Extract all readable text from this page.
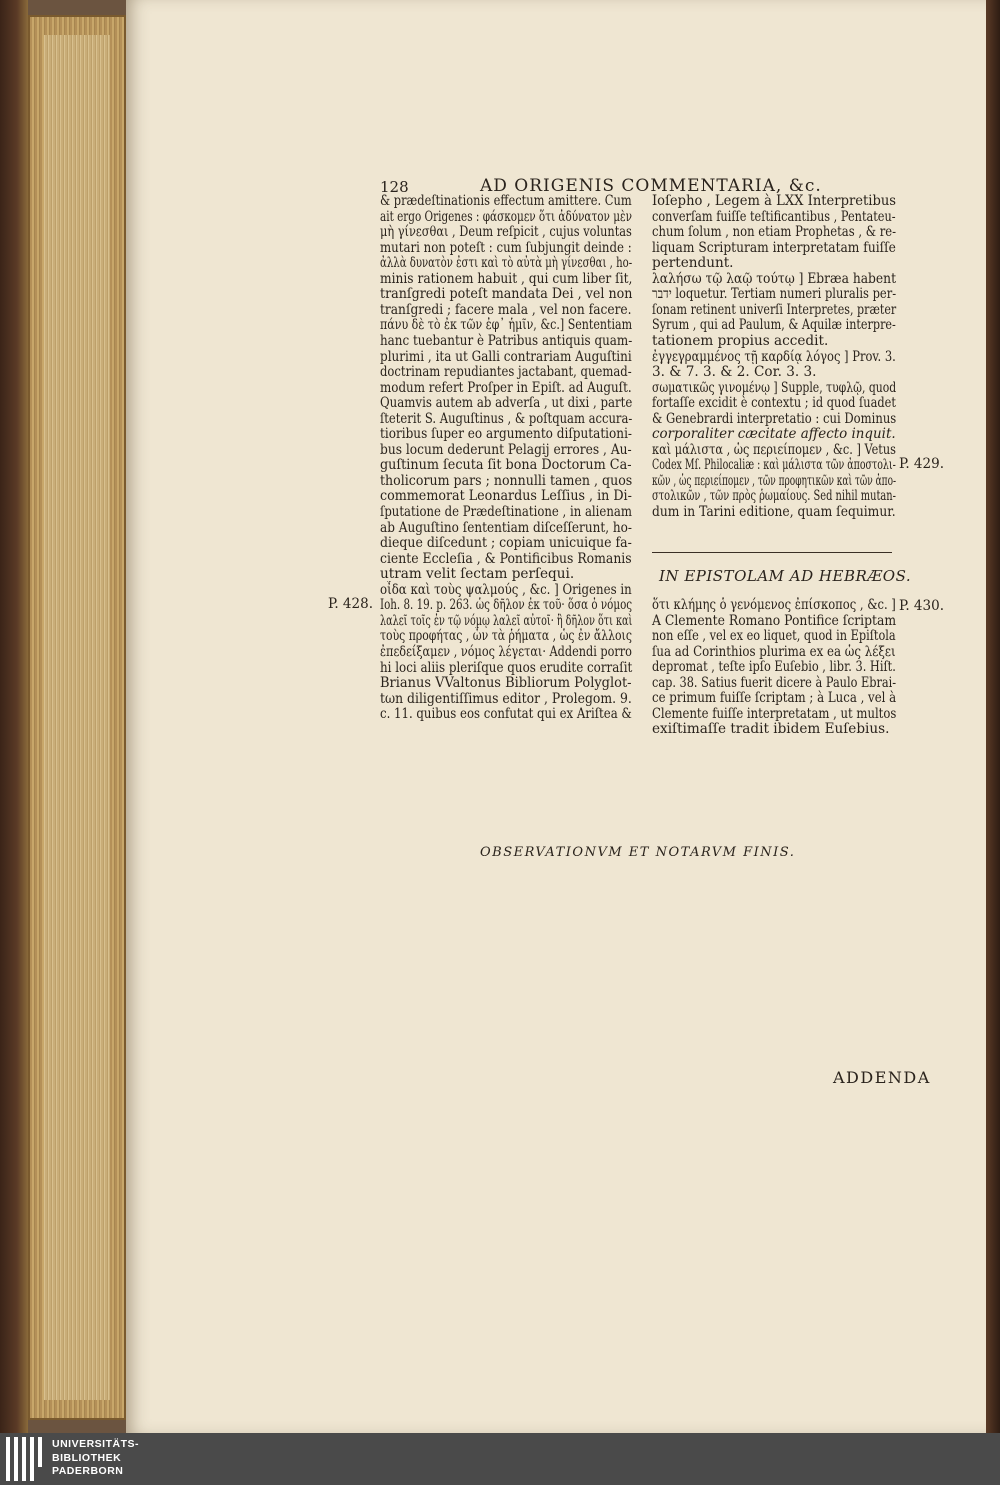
128	AD ORIGENIS COMMENTARIA, &c.
& prædeſtinationis effectum amittere. Cum
ait ergo Origenes : φάσκομεν ὅτι ἀδύνατον μὲν
μὴ γίνεσθαι , Deum reſpicit , cujus voluntas
mutari non poteſt : cum ſubjungit deinde :
ἀλλὰ δυνατὸν ἐστι καὶ τὸ αὐτὰ μὴ γίνεσθαι , ho-
minis rationem habuit , qui cum liber ſit,
tranſgredi poteſt mandata Dei , vel non
tranſgredi ; facere mala , vel non facere.
πάνυ δὲ τὸ ἐκ τῶν ἐφ᾽ ἡμῖν, &c.] Sententiam
hanc tuebantur è Patribus antiquis quam-
plurimi , ita ut Galli contrariam Auguſtini
doctrinam repudiantes jactabant, quemad-
modum refert Proſper in Epiſt. ad Auguſt.
Quamvis autem ab adverſa , ut dixi , parte
ſteterit S. Auguſtinus , & poſtquam accura-
tioribus ſuper eo argumento diſputationi-
bus locum dederunt Pelagij errores , Au-
guſtinum ſecuta ſit bona Doctorum Ca-
tholicorum pars ; nonnulli tamen , quos
commemorat Leonardus Leſſius , in Di-
ſputatione de Prædeſtinatione , in alienam
ab Auguſtino ſententiam diſceſſerunt, ho-
dieque diſcedunt ; copiam unicuique fa-
ciente Eccleſia , & Pontificibus Romanis
utram velit ſectam perſequi.
οἶδα καὶ τοὺς ψαλμούς , &c. ] Origenes in
Ioh. 8. 19. p. 263. ὡς δῆλον ἐκ τοῦ· ὅσα ὁ νόμος
λαλεῖ τοῖς ἐν τῷ νόμῳ λαλεῖ αὐτοῖ· ἢ δῆλον ὅτι καὶ
τοὺς προφήτας , ὧν τὰ ῥήματα , ὡς ἐν ἄλλοις
ἐπεδείξαμεν , νόμος λέγεται· Addendi porro
hi loci aliis pleriſque quos erudite corraſit
Brianus VValtonus Bibliorum Polyglot-
tωn diligentiſſimus editor , Prolegom. 9.
c. 11. quibus eos confutat qui ex Ariſtea &
Ioſepho , Legem à LXX Interpretibus
converſam fuiſſe teſtificantibus , Pentateu-
chum ſolum , non etiam Prophetas , & re-
liquam Scripturam interpretatam fuiſſe
pertendunt.
λαλήσω τῷ λαῷ τούτῳ ] Ebræa habent
ידבר loquetur. Tertiam numeri pluralis per-
ſonam retinent univerſi Interpretes, præter
Syrum , qui ad Paulum, & Aquilæ interpre-
tationem propius accedit.
ἐγγεγραμμένος τῇ καρδίᾳ λόγος ] Prov. 3.
3. & 7. 3. & 2. Cor. 3. 3.
σωματικῶς γινομένῳ ] Supple, τυφλῷ, quod
fortaſſe excidit è contextu ; id quod ſuadet
& Genebrardi interpretatio : cui Dominus
corporaliter cæcitate affecto inquit.
καὶ μάλιστα , ὡς περιείπομεν , &c. ] Vetus
Codex Mſ. Philocaliæ : καὶ μάλιστα τῶν ἀποστολι-
κῶν , ὡς περιείπομεν , τῶν προφητικῶν καὶ τῶν ἀπο-
στολικῶν , τῶν πρὸς ῥωμαίους. Sed nihil mutan-
dum in Tarini editione, quam ſequimur.
IN EPISTOLAM AD HEBRÆOS.
ὅτι κλήμης ὁ γενόμενος ἐπίσκοπος , &c. ]
A Clemente Romano Pontifice ſcriptam
non eſſe , vel ex eo liquet, quod in Epiſtola
ſua ad Corinthios plurima ex ea ὡς λέξει
depromat , teſte ipſo Euſebio , libr. 3. Hiſt.
cap. 38. Satius fuerit dicere à Paulo Ebrai-
ce primum fuiſſe ſcriptam ; à Luca , vel à
Clemente fuiſſe interpretatam , ut multos
exiſtimaſſe tradit ibidem Euſebius.
P. 428.
P. 429.
P. 430.
OBSERVATIONVM ET NOTARVM FINIS.
ADDENDA
UNIVERSITÄTS-
BIBLIOTHEK
PADERBORN
